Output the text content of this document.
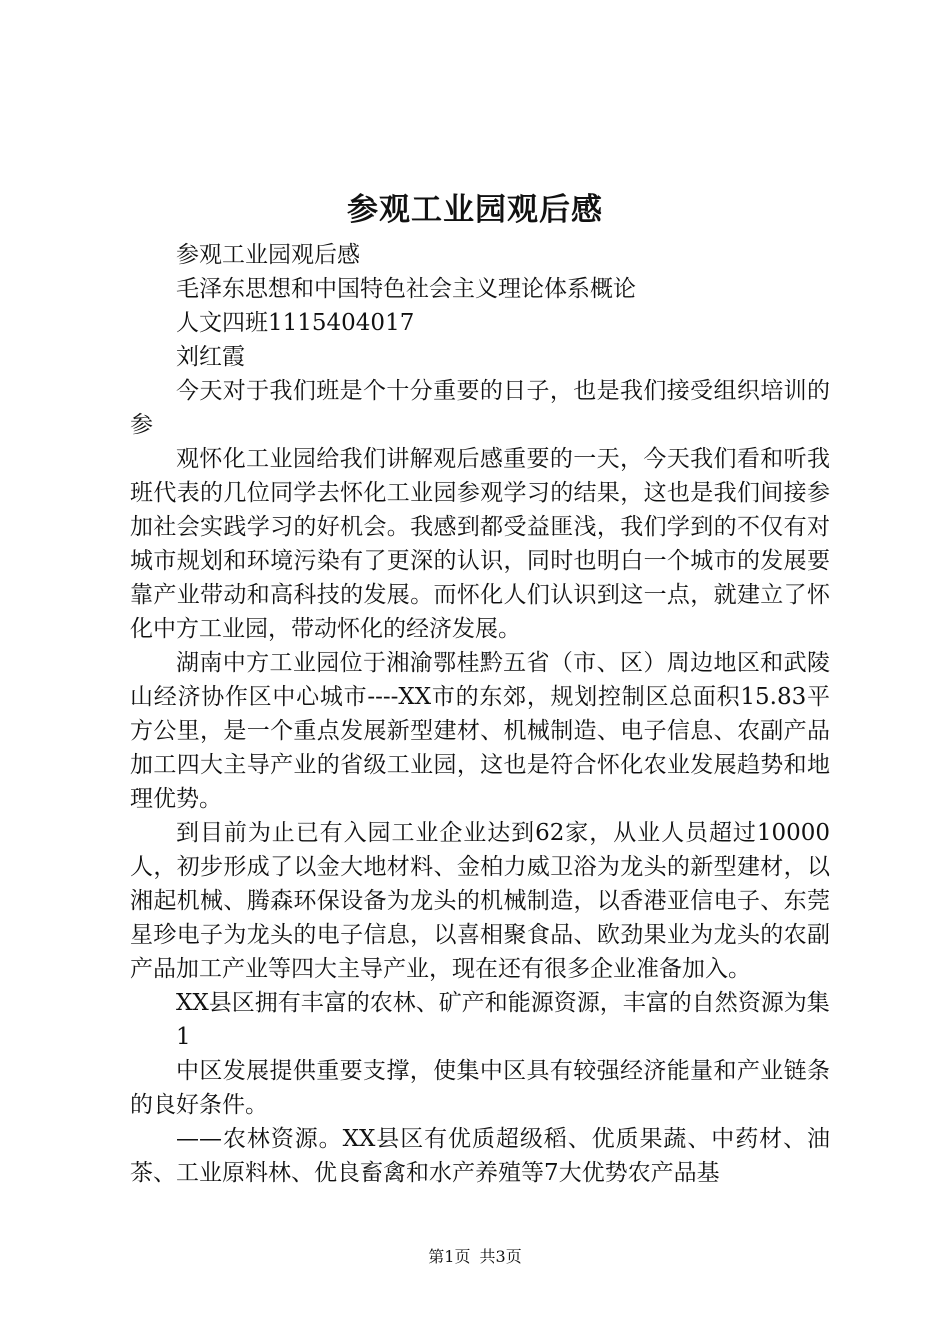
参观工业园观后感

参观工业园观后感

毛泽东思想和中国特色社会主义理论体系概论

人文四班1115404017

刘红霞

今天对于我们班是个十分重要的日子，也是我们接受组织培训的参

观怀化工业园给我们讲解观后感重要的一天，今天我们看和听我班代表的几位同学去怀化工业园参观学习的结果，这也是我们间接参加社会实践学习的好机会。我感到都受益匪浅，我们学到的不仅有对城市规划和环境污染有了更深的认识，同时也明白一个城市的发展要靠产业带动和高科技的发展。而怀化人们认识到这一点，就建立了怀化中方工业园，带动怀化的经济发展。

湖南中方工业园位于湘渝鄂桂黔五省（市、区）周边地区和武陵山经济协作区中心城市----XX市的东郊，规划控制区总面积15.83平方公里，是一个重点发展新型建材、机械制造、电子信息、农副产品加工四大主导产业的省级工业园，这也是符合怀化农业发展趋势和地理优势。

到目前为止已有入园工业企业达到62家，从业人员超过10000人，初步形成了以金大地材料、金柏力威卫浴为龙头的新型建材，以湘起机械、腾森环保设备为龙头的机械制造，以香港亚信电子、东莞星珍电子为龙头的电子信息，以喜相聚食品、欧劲果业为龙头的农副产品加工产业等四大主导产业，现在还有很多企业准备加入。

XX县区拥有丰富的农林、矿产和能源资源，丰富的自然资源为集

1

中区发展提供重要支撑，使集中区具有较强经济能量和产业链条的良好条件。

——农林资源。XX县区有优质超级稻、优质果蔬、中药材、油茶、工业原料林、优良畜禽和水产养殖等7大优势农产品基

第1页 共3页
